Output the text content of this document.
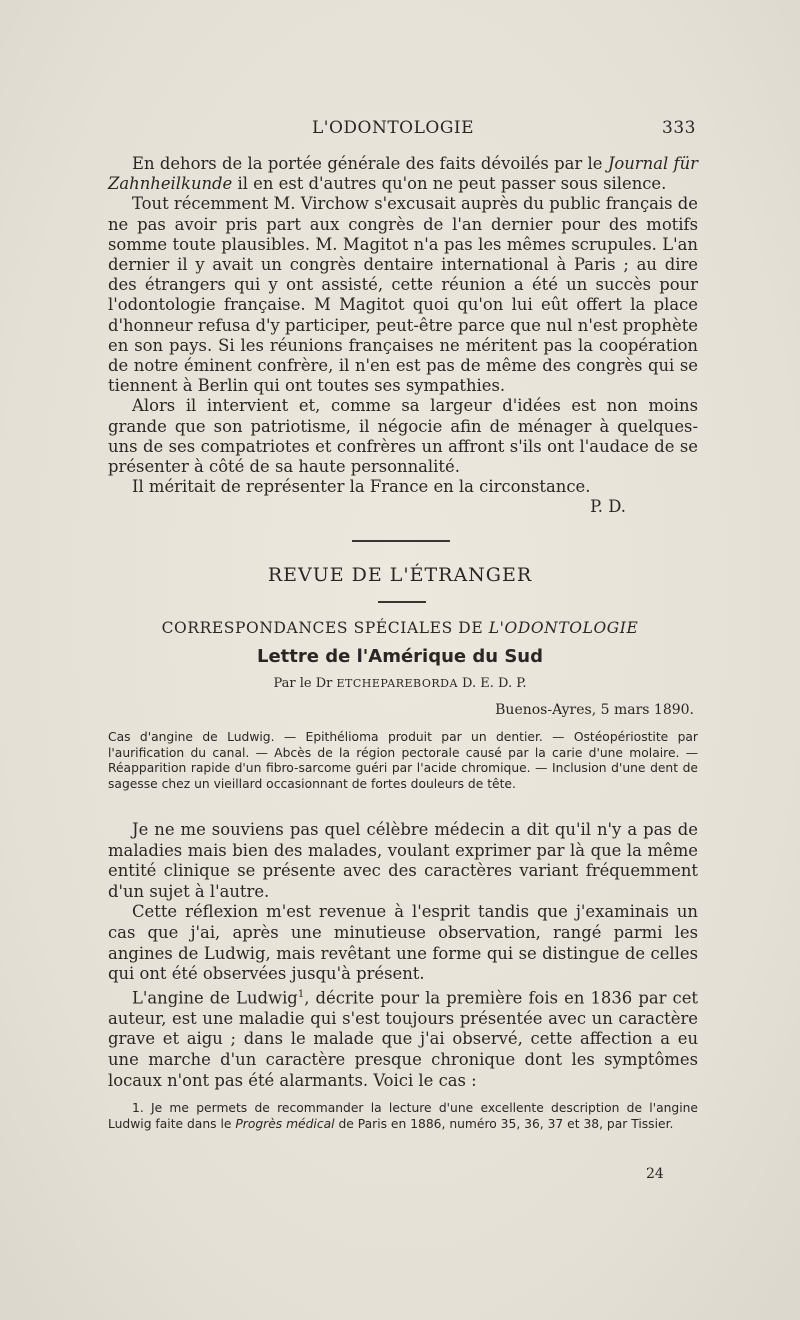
L'ODONTOLOGIE	333

En dehors de la portée générale des faits dévoilés par le Journal für Zahnheilkunde il en est d'autres qu'on ne peut passer sous silence.

Tout récemment M. Virchow s'excusait auprès du public français de ne pas avoir pris part aux congrès de l'an dernier pour des motifs somme toute plausibles. M. Magitot n'a pas les mêmes scrupules. L'an dernier il y avait un congrès dentaire international à Paris ; au dire des étrangers qui y ont assisté, cette réunion a été un succès pour l'odontologie française. M Magitot quoi qu'on lui eût offert la place d'honneur refusa d'y participer, peut-être parce que nul n'est prophète en son pays. Si les réunions françaises ne méritent pas la coopération de notre éminent confrère, il n'en est pas de même des congrès qui se tiennent à Berlin qui ont toutes ses sympathies.

Alors il intervient et, comme sa largeur d'idées est non moins grande que son patriotisme, il négocie afin de ménager à quelques-uns de ses compatriotes et confrères un affront s'ils ont l'audace de se présenter à côté de sa haute personnalité.

Il méritait de représenter la France en la circonstance.

P. D.

REVUE DE L'ÉTRANGER
CORRESPONDANCES SPÉCIALES DE L'ODONTOLOGIE
Lettre de l'Amérique du Sud
Par le Dr ETCHEPAREBORDA D. E. D. P.
Buenos-Ayres, 5 mars 1890.
Cas d'angine de Ludwig. — Epithélioma produit par un dentier. — Ostéopériostite par l'aurification du canal. — Abcès de la région pectorale causé par la carie d'une molaire. — Réapparition rapide d'un fibro-sarcome guéri par l'acide chromique. — Inclusion d'une dent de sagesse chez un vieillard occasionnant de fortes douleurs de tête.

Je ne me souviens pas quel célèbre médecin a dit qu'il n'y a pas de maladies mais bien des malades, voulant exprimer par là que la même entité clinique se présente avec des caractères variant fréquemment d'un sujet à l'autre.

Cette réflexion m'est revenue à l'esprit tandis que j'examinais un cas que j'ai, après une minutieuse observation, rangé parmi les angines de Ludwig, mais revêtant une forme qui se distingue de celles qui ont été observées jusqu'à présent.

L'angine de Ludwig$^1$, décrite pour la première fois en 1836 par cet auteur, est une maladie qui s'est toujours présentée avec un caractère grave et aigu ; dans le malade que j'ai observé, cette affection a eu une marche d'un caractère presque chronique dont les symptômes locaux n'ont pas été alarmants. Voici le cas :

1. Je me permets de recommander la lecture d'une excellente description de l'angine Ludwig faite dans le Progrès médical de Paris en 1886, numéro 35, 36, 37 et 38, par Tissier.
24
